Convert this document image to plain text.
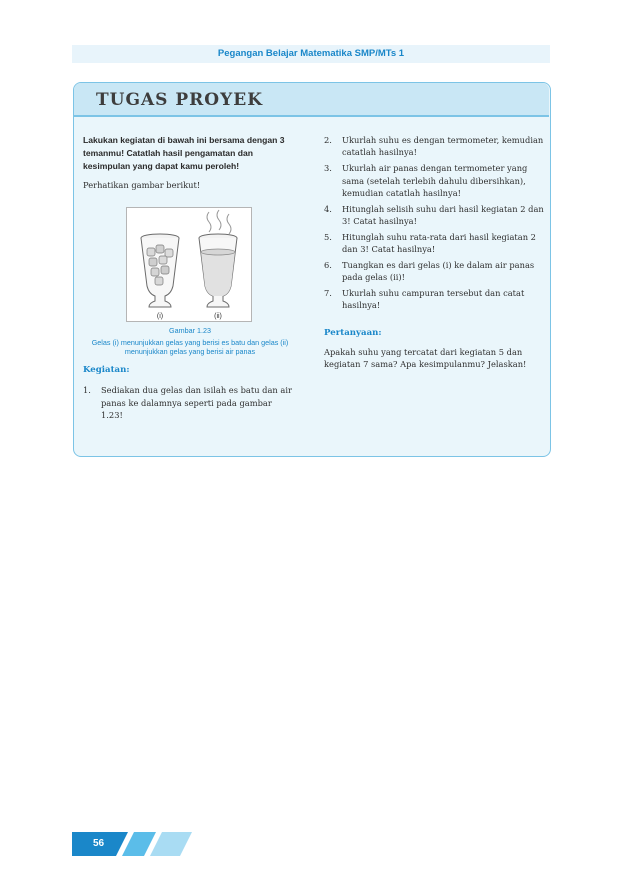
Pegangan Belajar Matematika SMP/MTs 1
TUGAS PROYEK
Lakukan kegiatan di bawah ini bersama dengan 3 temanmu! Catatlah hasil pengamatan dan kesimpulan yang dapat kamu peroleh!
Perhatikan gambar berikut!
Kegiatan:
1. Sediakan dua gelas dan isilah es batu dan air panas ke dalamnya seperti pada gambar 1.23!
2. Ukurlah suhu es dengan termometer, kemudian catatlah hasilnya!
3. Ukurlah air panas dengan termometer yang sama (setelah terlebih dahulu dibersihkan), kemudian catatlah hasilnya!
4. Hitunglah selisih suhu dari hasil kegiatan 2 dan 3! Catat hasilnya!
5. Hitunglah suhu rata-rata dari hasil kegiatan 2 dan 3! Catat hasilnya!
6. Tuangkan es dari gelas (i) ke dalam air panas pada gelas (ii)!
7. Ukurlah suhu campuran tersebut dan catat hasilnya!
Pertanyaan:
Apakah suhu yang tercatat dari kegiatan 5 dan kegiatan 7 sama? Apa kesimpulanmu? Jelaskan!
(i)	(ii)
Gambar 1.23
Gelas (i) menunjukkan gelas yang berisi es batu dan gelas (ii) menunjukkan gelas yang berisi air panas
56
